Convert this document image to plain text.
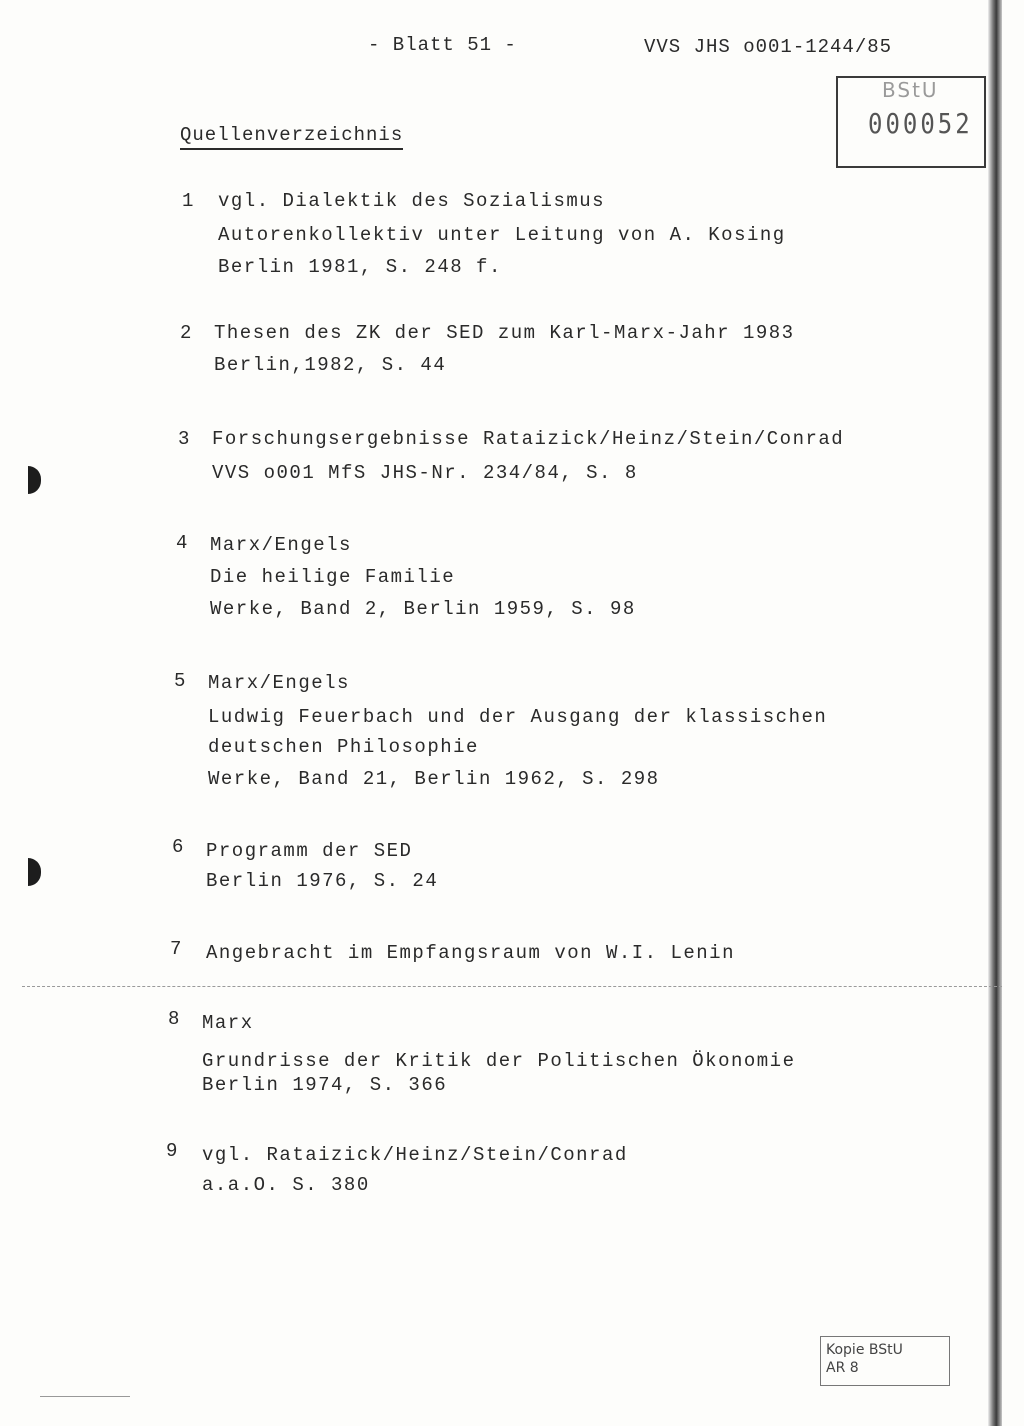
- Blatt 51 -	VVS JHS o001-1244/85
BStU
000052
Quellenverzeichnis
1 vgl. Dialektik des Sozialismus
Autorenkollektiv unter Leitung von A. Kosing
Berlin 1981, S. 248 f.
2 Thesen des ZK der SED zum Karl-Marx-Jahr 1983
Berlin,1982, S. 44
3 Forschungsergebnisse Rataizick/Heinz/Stein/Conrad
VVS o001 MfS JHS-Nr. 234/84, S. 8
4 Marx/Engels
Die heilige Familie
Werke, Band 2, Berlin 1959, S. 98
5 Marx/Engels
Ludwig Feuerbach und der Ausgang der klassischen
deutschen Philosophie
Werke, Band 21, Berlin 1962, S. 298
6 Programm der SED
Berlin 1976, S. 24
7 Angebracht im Empfangsraum von W.I. Lenin
8 Marx
Grundrisse der Kritik der Politischen Ökonomie
Berlin 1974, S. 366
9 vgl. Rataizick/Heinz/Stein/Conrad
a.a.O. S. 380
Kopie BStU
AR 8
